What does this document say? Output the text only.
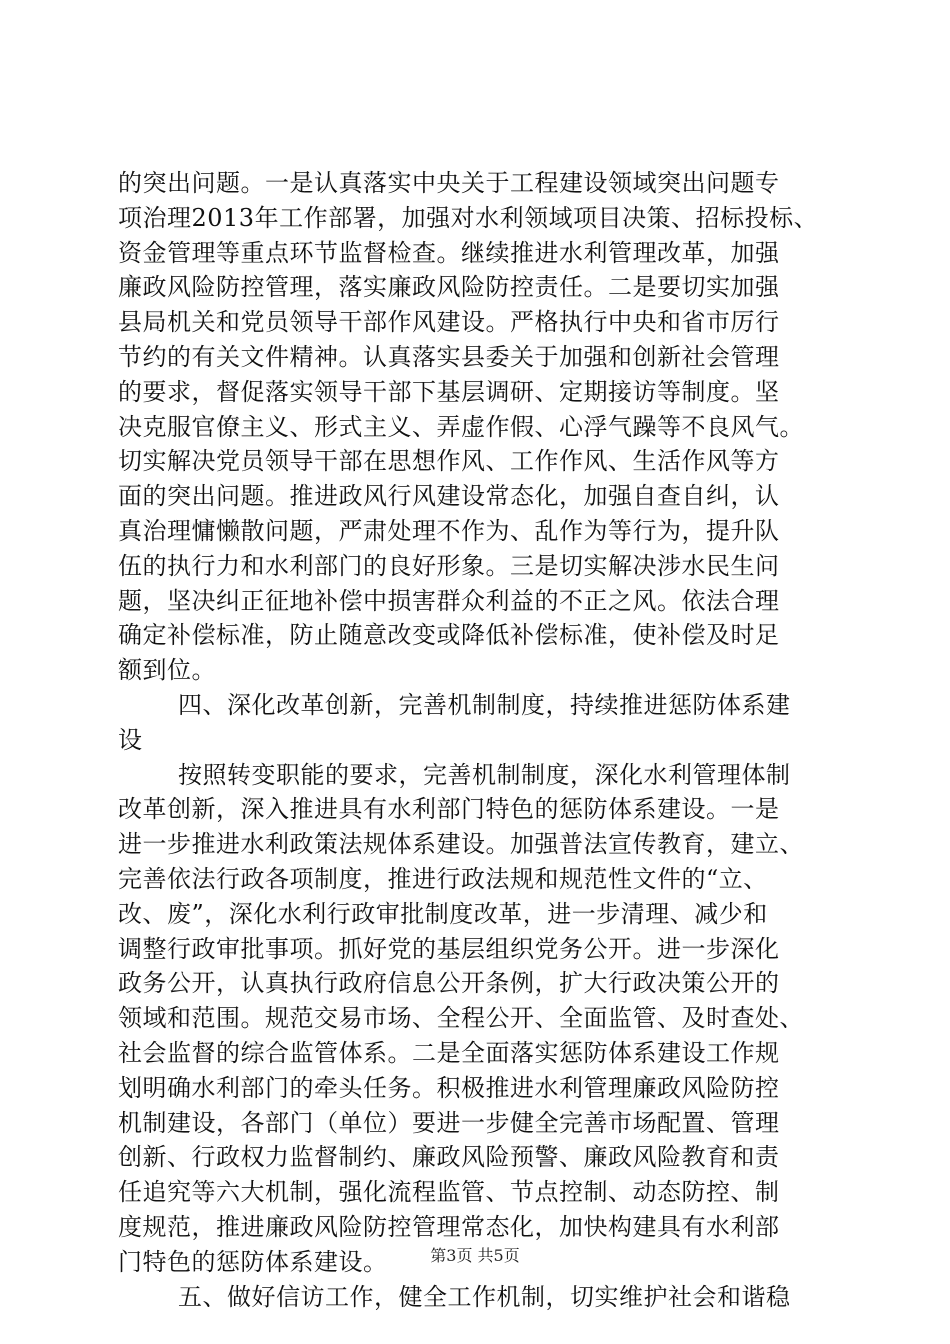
的突出问题。一是认真落实中央关于工程建设领域突出问题专
项治理2013年工作部署，加强对水利领域项目决策、招标投标、
资金管理等重点环节监督检查。继续推进水利管理改革，加强
廉政风险防控管理，落实廉政风险防控责任。二是要切实加强
县局机关和党员领导干部作风建设。严格执行中央和省市厉行
节约的有关文件精神。认真落实县委关于加强和创新社会管理
的要求，督促落实领导干部下基层调研、定期接访等制度。坚
决克服官僚主义、形式主义、弄虚作假、心浮气躁等不良风气。
切实解决党员领导干部在思想作风、工作作风、生活作风等方
面的突出问题。推进政风行风建设常态化，加强自查自纠，认
真治理慵懒散问题，严肃处理不作为、乱作为等行为，提升队
伍的执行力和水利部门的良好形象。三是切实解决涉水民生问
题，坚决纠正征地补偿中损害群众利益的不正之风。依法合理
确定补偿标准，防止随意改变或降低补偿标准，使补偿及时足
额到位。
四、深化改革创新，完善机制制度，持续推进惩防体系建
设
按照转变职能的要求，完善机制制度，深化水利管理体制
改革创新，深入推进具有水利部门特色的惩防体系建设。一是
进一步推进水利政策法规体系建设。加强普法宣传教育，建立、
完善依法行政各项制度，推进行政法规和规范性文件的“立、
改、废”，深化水利行政审批制度改革，进一步清理、减少和
调整行政审批事项。抓好党的基层组织党务公开。进一步深化
政务公开，认真执行政府信息公开条例，扩大行政决策公开的
领域和范围。规范交易市场、全程公开、全面监管、及时查处、
社会监督的综合监管体系。二是全面落实惩防体系建设工作规
划明确水利部门的牵头任务。积极推进水利管理廉政风险防控
机制建设，各部门（单位）要进一步健全完善市场配置、管理
创新、行政权力监督制约、廉政风险预警、廉政风险教育和责
任追究等六大机制，强化流程监管、节点控制、动态防控、制
度规范，推进廉政风险防控管理常态化，加快构建具有水利部
门特色的惩防体系建设。
五、做好信访工作，健全工作机制，切实维护社会和谐稳
第3页 共5页
